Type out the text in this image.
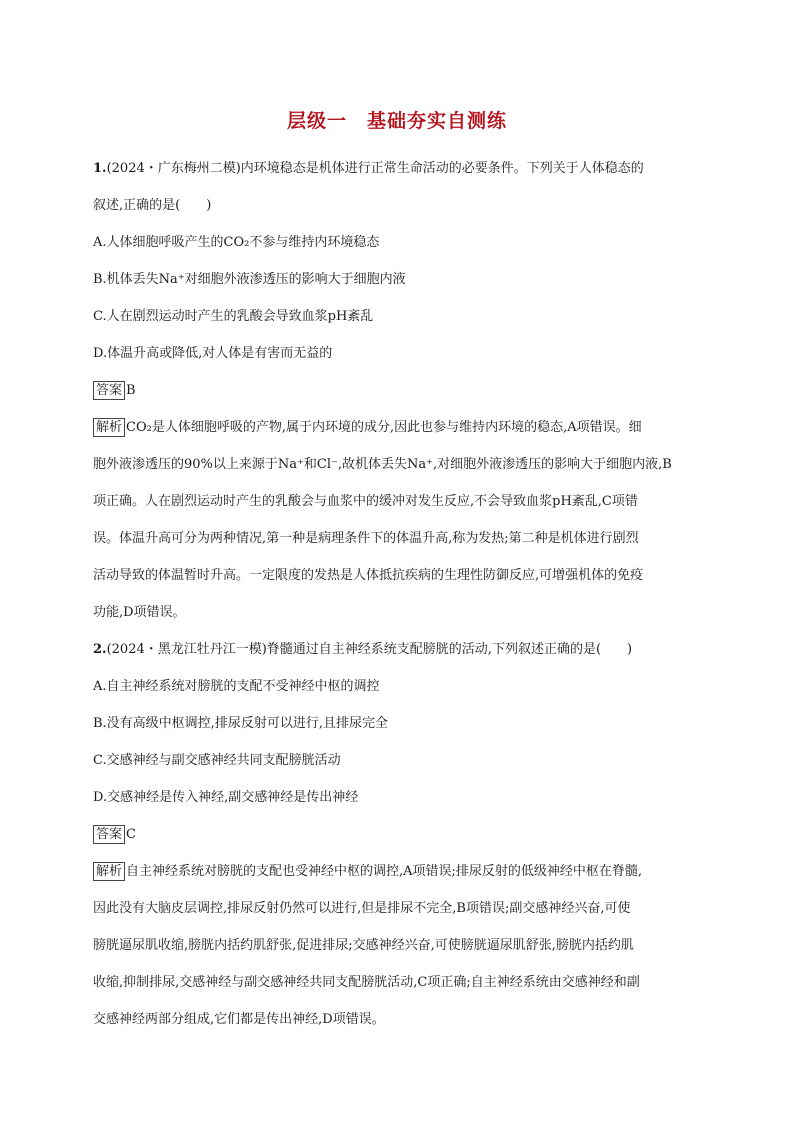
层级一　基础夯实自测练
1.(2024・广东梅州二模)内环境稳态是机体进行正常生命活动的必要条件。下列关于人体稳态的
叙述,正确的是(　　)
A.人体细胞呼吸产生的CO₂不参与维持内环境稳态
B.机体丢失Na⁺对细胞外液渗透压的影响大于细胞内液
C.人在剧烈运动时产生的乳酸会导致血浆pH紊乱
D.体温升高或降低,对人体是有害而无益的
答案 B
解析 CO₂是人体细胞呼吸的产物,属于内环境的成分,因此也参与维持内环境的稳态,A项错误。细
胞外液渗透压的90%以上来源于Na⁺和Cl⁻,故机体丢失Na⁺,对细胞外液渗透压的影响大于细胞内液,B
项正确。人在剧烈运动时产生的乳酸会与血浆中的缓冲对发生反应,不会导致血浆pH紊乱,C项错
误。体温升高可分为两种情况,第一种是病理条件下的体温升高,称为发热;第二种是机体进行剧烈
活动导致的体温暂时升高。一定限度的发热是人体抵抗疾病的生理性防御反应,可增强机体的免疫
功能,D项错误。
2.(2024・黑龙江牡丹江一模)脊髓通过自主神经系统支配膀胱的活动,下列叙述正确的是(　　)
A.自主神经系统对膀胱的支配不受神经中枢的调控
B.没有高级中枢调控,排尿反射可以进行,且排尿完全
C.交感神经与副交感神经共同支配膀胱活动
D.交感神经是传入神经,副交感神经是传出神经
答案 C
解析 自主神经系统对膀胱的支配也受神经中枢的调控,A项错误;排尿反射的低级神经中枢在脊髓,
因此没有大脑皮层调控,排尿反射仍然可以进行,但是排尿不完全,B项错误;副交感神经兴奋,可使
膀胱逼尿肌收缩,膀胱内括约肌舒张,促进排尿;交感神经兴奋,可使膀胱逼尿肌舒张,膀胱内括约肌
收缩,抑制排尿,交感神经与副交感神经共同支配膀胱活动,C项正确;自主神经系统由交感神经和副
交感神经两部分组成,它们都是传出神经,D项错误。
